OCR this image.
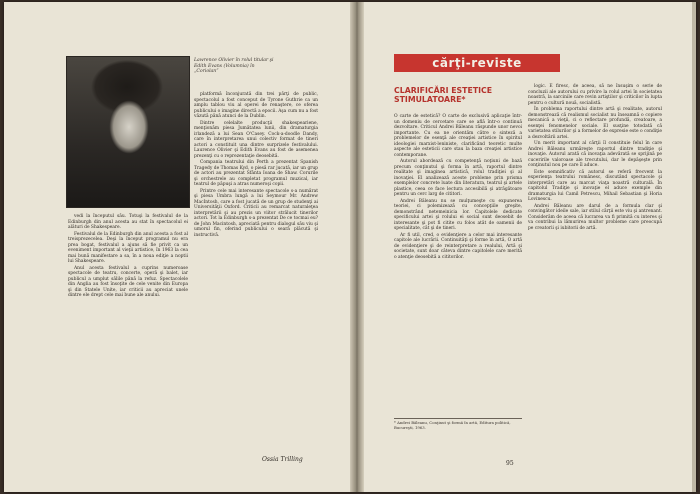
Lawrence Olivier în rolul titular şi Edith Evans (Volumnia) în „Coriolan”

vedi la începutul său. Totuşi la festivalul de la Edinburgh din anul acesta au stat în spectacolul ei alături de Shakespeare.

Festivalul de la Edinburgh din anul acesta a fost al treisprezecelea. Deşi la început programul nu era prea bogat, festivalul a ajuns să fie privit ca un eveniment important al vieţii artistice, în 1963 la cea mai bună manifestare a sa, în a noua ediţie a noptii lui Shakespeare.

Anul acesta festivalul a cuprins numeroase spectacole de teatru, concerte, operă şi balet, iar publicul a umplut sălile până la refuz. Spectacolele din Anglia au fost însoţite de cele venite din Europa şi din Statele Unite, iar criticii au apreciat unele dintre ele drept cele mai bune ale anului.

platformă înconjurată din trei părţi de public, spectacolul a fost conceput de Tyrone Guthrie ca un amplu tablou viu al operei de renaştere, ce oferea publicului o imagine directă a epocii. Aşa cum nu a fost văzută până atunci de la Dublin.

Dintre celelalte producţii shakespeariene, menţionăm piesa Jumătatea lunii, din dramaturgia irlandeză a lui Sean O'Casey. Cock-a-doodle Dandy, care în interpretarea unui colectiv format de tineri actori a constituit una dintre surprizele festivalului. Laurence Olivier şi Edith Evans au fost de asemenea prezenţi cu o reprezentaţie deosebită.

Compania teatrului din Perth a prezentat Spanish Tragedy de Thomas Kyd, o piesă rar jucată, iar un grup de actori au prezentat Sfânta Ioana de Shaw. Corurile şi orchestrele au completat programul muzical, iar teatrul de păpuşi a atras numeroşi copii.

Printre cele mai interesante spectacole s-a numărat şi piesa Umbra lungă a lui Seymour Mr. Andrew MacIntosh, care a fost jucată de un grup de studenţi ai Universităţii Oxford. Criticii au remarcat naturaleţea interpretării şi au prezis un viitor strălucit tinerilor actori. Tot la Edinburgh s-a prezentat De ce tocmai eu? de John Macintosh, apreciată pentru dialogul său viu şi umorul fin, oferind publicului o seară plăcută şi instructivă.

Ossia Trilling
cărţi-reviste
CLARIFICĂRI ESTETICE STIMULATOARE*

O carte de estetică? O carte de exclusivă aplicaţie într-un domeniu de cercetare care se află într-o continuă dezvoltare. Criticul Andrei Băleanu răspunde unor nevoi importante. Cu ea ne orientăm către o sinteză a problemelor de esenţă ale creaţiei artistice în spiritul ideologiei marxist-leniniste, clarificând teoretic multe aspecte ale esteticii care stau la baza creaţiei artistice contemporane.

Autorul abordează cu competenţă noţiuni de bază precum conţinutul şi forma în artă, raportul dintre realitate şi imaginea artistică, rolul tradiţiei şi al inovaţiei. El analizează aceste probleme prin prisma exemplelor concrete luate din literatura, teatrul şi artele plastice, ceea ce face lectura accesibilă şi atrăgătoare pentru un cerc larg de cititori.

Andrei Băleanu nu se mulţumeşte cu expunerea teoriei, ci polemizează cu concepţiile greşite, demonstrând netemeinicia lor. Capitolele dedicate specificului artei şi rolului ei social sunt deosebit de interesante şi pot fi citite cu folos atât de oamenii de specialitate, cât şi de tineri.

Ar fi util, cred, o evidenţiere a celor mai interesante capitole ale lucrării. Continuităţi şi forme în artă, O artă de evidenţiere şi de reinterpretare a realului, Artă şi societate, sunt doar câteva dintre capitolele care merită o atenţie deosebită a cititorilor.

logic. E firesc, de aceea, să ne însuşim o serie de concluzii ale autorului cu privire la rolul artei în societatea noastră, la sarcinile care revin artiştilor şi criticilor în lupta pentru o cultură nouă, socialistă.

În problema raportului dintre artă şi realitate, autorul demonstrează că realismul socialist nu înseamnă o copiere mecanică a vieţii, ci o reflectare profundă, creatoare, a esenţei fenomenelor sociale. El susţine totodată că varietatea stilurilor şi a formelor de expresie este o condiţie a dezvoltării artei.

Un merit important al cărţii îl constituie felul în care Andrei Băleanu urmăreşte raportul dintre tradiţie şi inovaţie. Autorul arată că inovaţia adevărată se sprijină pe cuceririle valoroase ale trecutului, dar le depăşeşte prin conţinutul nou pe care îl aduce.

Este semnificativ că autorul se referă frecvent la experienţa teatrului românesc, discutând spectacole şi interpretări care au marcat viaţa noastră culturală. În capitolul Tradiţie şi inovaţie el aduce exemple din dramaturgia lui Camil Petrescu, Mihail Sebastian şi Horia Lovinescu.

Andrei Băleanu are darul de a formula clar şi convingător ideile sale, iar stilul cărţii este viu şi antrenant. Considerăm de aceea că lucrarea va fi primită cu interes şi va contribui la lămurirea multor probleme care preocupă pe creatorii şi iubitorii de artă.

* Andrei Băleanu, Conţinut şi formă în artă, Editura politică, Bucureşti, 1963.
95
